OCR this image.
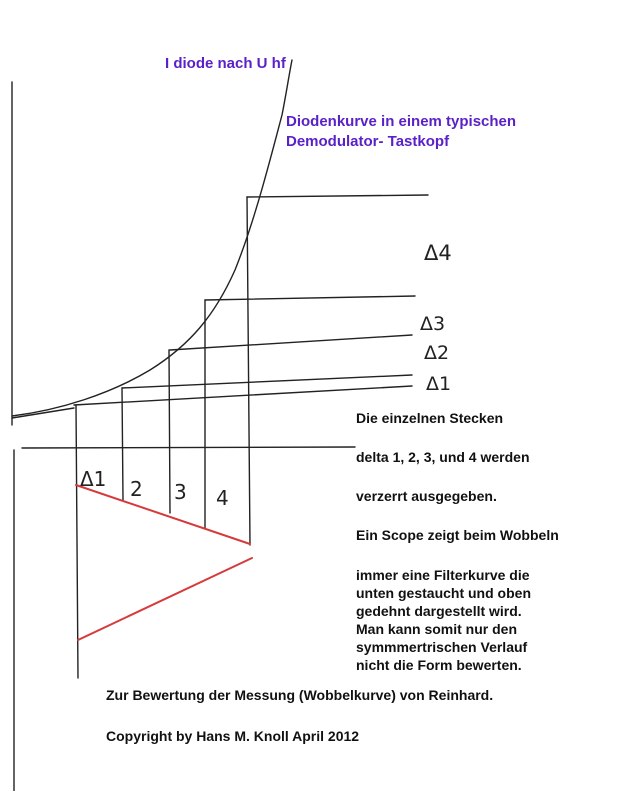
Δ4
Δ3
Δ2
Δ1
Δ1 2 3 4
I diode nach U hf
Diodenkurve in einem typischen
Demodulator- Tastkopf
Die einzelnen Stecken
delta 1, 2, 3, und 4 werden
verzerrt ausgegeben.
Ein Scope zeigt beim Wobbeln
immer eine Filterkurve die
unten gestaucht und oben
gedehnt dargestellt wird.
Man kann somit nur den
symmmertrischen Verlauf
nicht die Form bewerten.
Zur Bewertung der Messung (Wobbelkurve) von Reinhard.
Copyright by Hans M. Knoll April 2012
